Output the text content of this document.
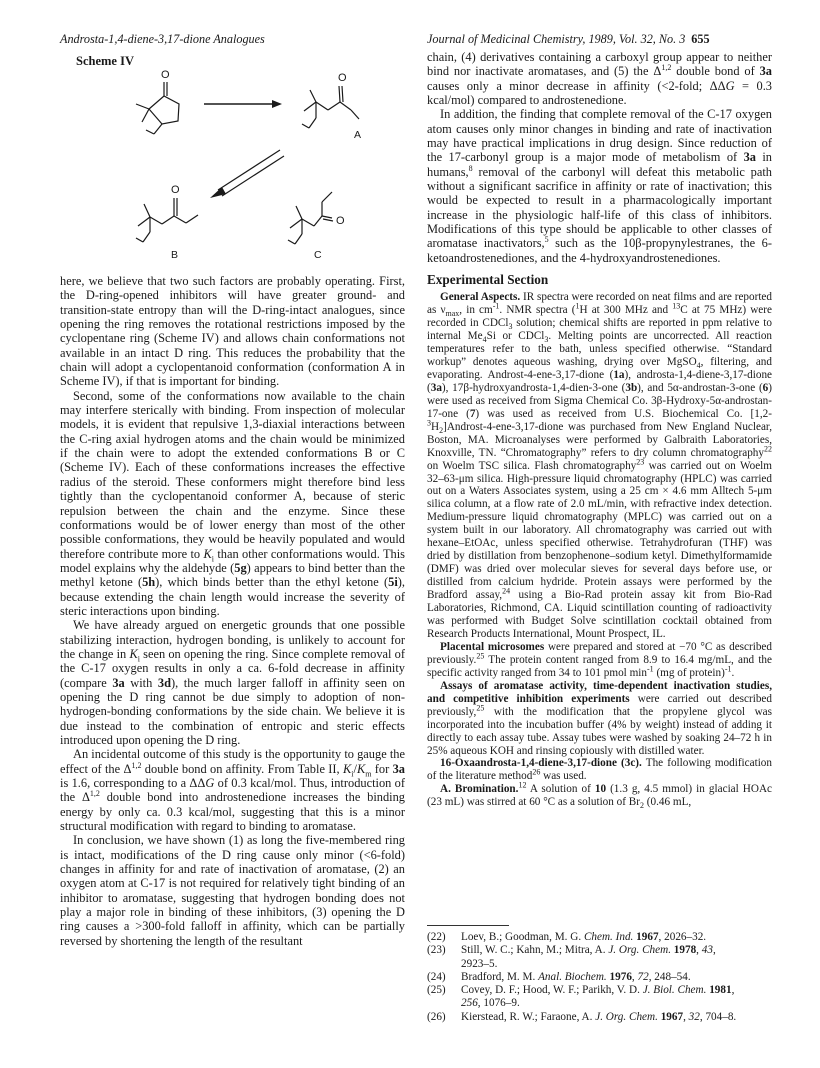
Androsta-1,4-diene-3,17-dione Analogues	Journal of Medicinal Chemistry, 1989, Vol. 32, No. 3 655
Scheme IV
O	O
A
O
B
O
C

here, we believe that two such factors are probably operating. First, the D-ring-opened inhibitors will have greater ground- and transition-state entropy than will the D-ring-intact analogues, since opening the ring removes the rotational restrictions imposed by the cyclopentane ring (Scheme IV) and allows chain conformations not available in an intact D ring. This reduces the probability that the chain will adopt a cyclopentanoid conformation (conformation A in Scheme IV), if that is important for binding.

Second, some of the conformations now available to the chain may interfere sterically with binding. From inspection of molecular models, it is evident that repulsive 1,3-diaxial interactions between the C-ring axial hydrogen atoms and the chain would be minimized if the chain were to adopt the extended conformations B or C (Scheme IV). Each of these conformations increases the effective radius of the steroid. These conformers might therefore bind less tightly than the cyclopentanoid conformer A, because of steric repulsion between the chain and the enzyme. Since these conformations would be of lower energy than most of the other possible conformations, they would be heavily populated and would therefore contribute more to $K_i$ than other conformations would. This model explains why the aldehyde (5g) appears to bind better than the methyl ketone (5h), which binds better than the ethyl ketone (5i), because extending the chain length would increase the severity of steric interactions upon binding.

We have already argued on energetic grounds that one possible stabilizing interaction, hydrogen bonding, is unlikely to account for the change in $K_i$ seen on opening the ring. Since complete removal of the C-17 oxygen results in only a ca. 6-fold decrease in affinity (compare 3a with 3d), the much larger falloff in affinity seen on opening the D ring cannot be due simply to adoption of non-hydrogen-bonding conformations by the side chain. We believe it is due instead to the combination of entropic and steric effects introduced upon opening the D ring.

An incidental outcome of this study is the opportunity to gauge the effect of the Δ$^{1,2}$ double bond on affinity. From Table II, $K_i/K_m$ for 3a is 1.6, corresponding to a ΔΔG of 0.3 kcal/mol. Thus, introduction of the Δ$^{1,2}$ double bond into androstenedione increases the binding energy by only ca. 0.3 kcal/mol, suggesting that this is a minor structural modification with regard to binding to aromatase.

In conclusion, we have shown (1) as long the five-membered ring is intact, modifications of the D ring cause only minor (<6-fold) changes in affinity for and rate of inactivation of aromatase, (2) an oxygen atom at C-17 is not required for relatively tight binding of an inhibitor to aromatase, suggesting that hydrogen bonding does not play a major role in binding of these inhibitors, (3) opening the D ring causes a >300-fold falloff in affinity, which can be partially reversed by shortening the length of the resultant

chain, (4) derivatives containing a carboxyl group appear to neither bind nor inactivate aromatases, and (5) the Δ$^{1,2}$ double bond of 3a causes only a minor decrease in affinity (<2-fold; ΔΔG = 0.3 kcal/mol) compared to androstenedione.

In addition, the finding that complete removal of the C-17 oxygen atom causes only minor changes in binding and rate of inactivation may have practical implications in drug design. Since reduction of the 17-carbonyl group is a major mode of metabolism of 3a in humans,$^8$ removal of the carbonyl will defeat this metabolic path without a significant sacrifice in affinity or rate of inactivation; this would be expected to result in a pharmacologically important increase in the physiologic half-life of this class of inhibitors. Modifications of this type should be applicable to other classes of aromatase inactivators,$^5$ such as the 10β-propynylestranes, the 6-ketoandrostenediones, and the 4-hydroxyandrostenediones.

Experimental Section

General Aspects. IR spectra were recorded on neat films and are reported as $\nu_{max}$, in $cm^{-1}$. NMR spectra ($^1$H at 300 MHz and $^{13}$C at 75 MHz) were recorded in CDCl$_3$ solution; chemical shifts are reported in ppm relative to internal $Me_4Si$ or CDCl$_3$. Melting points are uncorrected. All reaction temperatures refer to the bath, unless specified otherwise. “Standard workup” denotes aqueous washing, drying over MgSO$_4$, filtering, and evaporating. Androst-4-ene-3,17-dione (1a), androsta-1,4-diene-3,17-dione (3a), 17β-hydroxyandrosta-1,4-dien-3-one (3b), and 5α-androstan-3-one (6) were used as received from Sigma Chemical Co. 3β-Hydroxy-5α-androstan-17-one (7) was used as received from U.S. Biochemical Co. $[1,2-^3H_2]Androst-4-ene-3,17$-dione was purchased from New England Nuclear, Boston, MA. Microanalyses were performed by Galbraith Laboratories, Knoxville, TN. “Chromatography” refers to dry column chromatography$^{22}$ on Woelm TSC silica. Flash chromatography$^{23}$ was carried out on Woelm 32–63-μm silica. High-pressure liquid chromatography (HPLC) was carried out on a Waters Associates system, using a 25 cm × 4.6 mm Alltech 5-μm silica column, at a flow rate of 2.0 mL/min, with refractive index detection. Medium-pressure liquid chromatography (MPLC) was carried out on a system built in our laboratory. All chromatography was carried out with hexane–EtOAc, unless specified otherwise. Tetrahydrofuran (THF) was dried by distillation from benzophenone–sodium ketyl. Dimethylformamide (DMF) was dried over molecular sieves for several days before use, or distilled from calcium hydride. Protein assays were performed by the Bradford assay,$^{24}$ using a Bio-Rad protein assay kit from Bio-Rad Laboratories, Richmond, CA. Liquid scintillation counting of radioactivity was performed with Budget Solve scintillation cocktail obtained from Research Products International, Mount Prospect, IL.

Placental microsomes were prepared and stored at −70 °C as described previously.$^{25}$ The protein content ranged from 8.9 to 16.4 mg/mL, and the specific activity ranged from 34 to 101 pmol $\min^{-1} (mg$ of protein)$^{-1}$.

Assays of aromatase activity, time-dependent inactivation studies, and competitive inhibition experiments were carried out described previously,$^{25}$ with the modification that the propylene glycol was incorporated into the incubation buffer (4% by weight) instead of adding it directly to each assay tube. Assay tubes were washed by soaking 24–72 h in 25% aqueous KOH and rinsing copiously with distilled water.

16-Oxaandrosta-1,4-diene-3,17-dione (3c). The following modification of the literature method$^{26}$ was used.

A. Bromination.$^{12}$ A solution of 10 (1.3 g, 4.5 mmol) in glacial HOAc (23 mL) was stirred at 60 °C as a solution of $Br_2$ (0.46 mL,

(22)	Loev, B.; Goodman, M. G. Chem. Ind. 1967, 2026–32.
(23)	Still, W. C.; Kahn, M.; Mitra, A. J. Org. Chem. 1978, 43,
2923–5.
(24)	Bradford, M. M. Anal. Biochem. 1976, 72, 248–54.
(25)	Covey, D. F.; Hood, W. F.; Parikh, V. D. J. Biol. Chem. 1981,
256, 1076–9.
(26)	Kierstead, R. W.; Faraone, A. J. Org. Chem. 1967, 32, 704–8.
